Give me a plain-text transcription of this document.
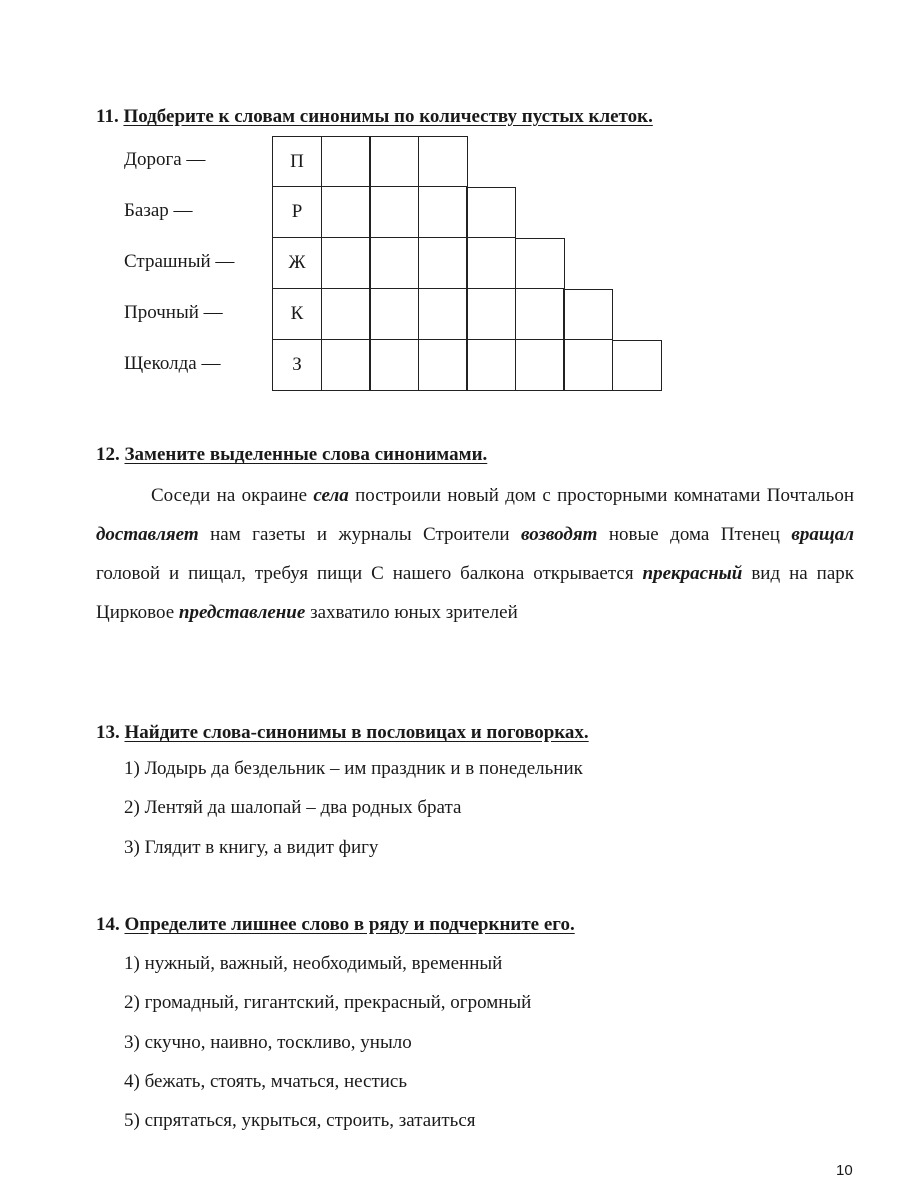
11. Подберите к словам синонимы по количеству пустых клеток.
Дорога —	П
Базар —	Р
Страшный —	Ж
Прочный —	К
Щеколда —	З
12. Замените выделенные слова синонимами.
Соседи на окраине села построили новый дом с просторными комнатами Почтальон доставляет нам газеты и журналы Строители возводят новые дома Птенец вращал головой и пищал, требуя пищи С нашего балкона открывается прекрасный вид на парк Цирковое представление захватило юных зрителей
13. Найдите слова-синонимы в пословицах и поговорках.
1) Лодырь да бездельник – им праздник и в понедельник
2) Лентяй да шалопай – два родных брата
3) Глядит в книгу, а видит фигу
14. Определите лишнее слово в ряду и подчеркните его.
1) нужный, важный, необходимый, временный
2) громадный, гигантский, прекрасный, огромный
3) скучно, наивно, тоскливо, уныло
4) бежать, стоять, мчаться, нестись
5) спрятаться, укрыться, строить, затаиться
10
